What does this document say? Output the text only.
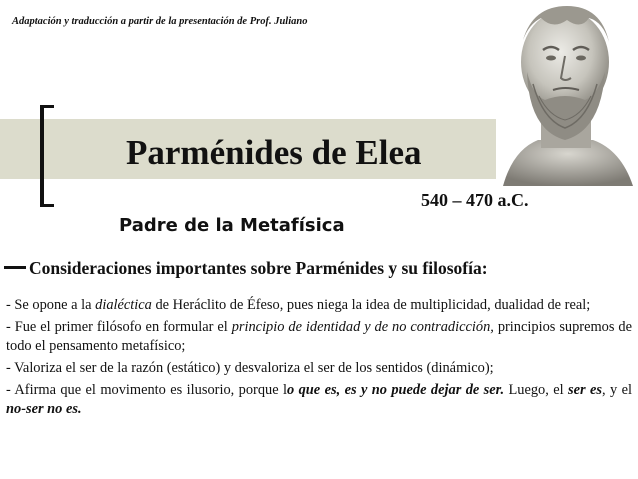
Adaptación y traducción a partir de la presentación de Prof. Juliano
Parménides de Elea
540 – 470 a.C.
Padre de la Metafísica
Consideraciones importantes sobre Parménides y su filosofía:

- Se opone a la dialéctica de Heráclito de Éfeso, pues niega la idea de multiplicidad, dualidad de real;

- Fue el primer filósofo en formular el principio de identidad y de no contradicción, principios supremos de todo el pensamento metafísico;

- Valoriza el ser de la razón (estático) y desvaloriza el ser de los sentidos (dinámico);

- Afirma que el movimento es ilusorio, porque lo que es, es y no puede dejar de ser. Luego, el ser es, y el no-ser no es.
